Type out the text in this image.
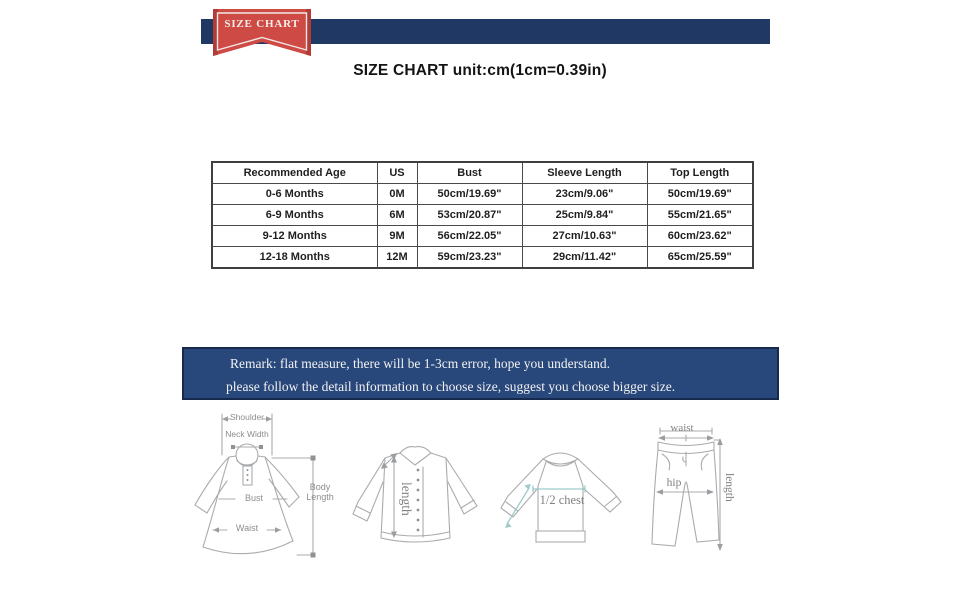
SIZE CHART
SIZE CHART unit:cm(1cm=0.39in)
Recommended Age	US	Bust	Sleeve Length	Top Length
0-6 Months	0M	50cm/19.69"	23cm/9.06"	50cm/19.69"
6-9 Months	6M	53cm/20.87"	25cm/9.84"	55cm/21.65"
9-12 Months	9M	56cm/22.05"	27cm/10.63"	60cm/23.62"
12-18 Months	12M	59cm/23.23"	29cm/11.42"	65cm/25.59"
Remark: flat measure, there will be 1-3cm error, hope you understand.
please follow the detail information to choose size, suggest you choose bigger size.
Shoulder
Neck Width
Bust
Waist
Body Length	length	1/2 chest
waist
hip	length
